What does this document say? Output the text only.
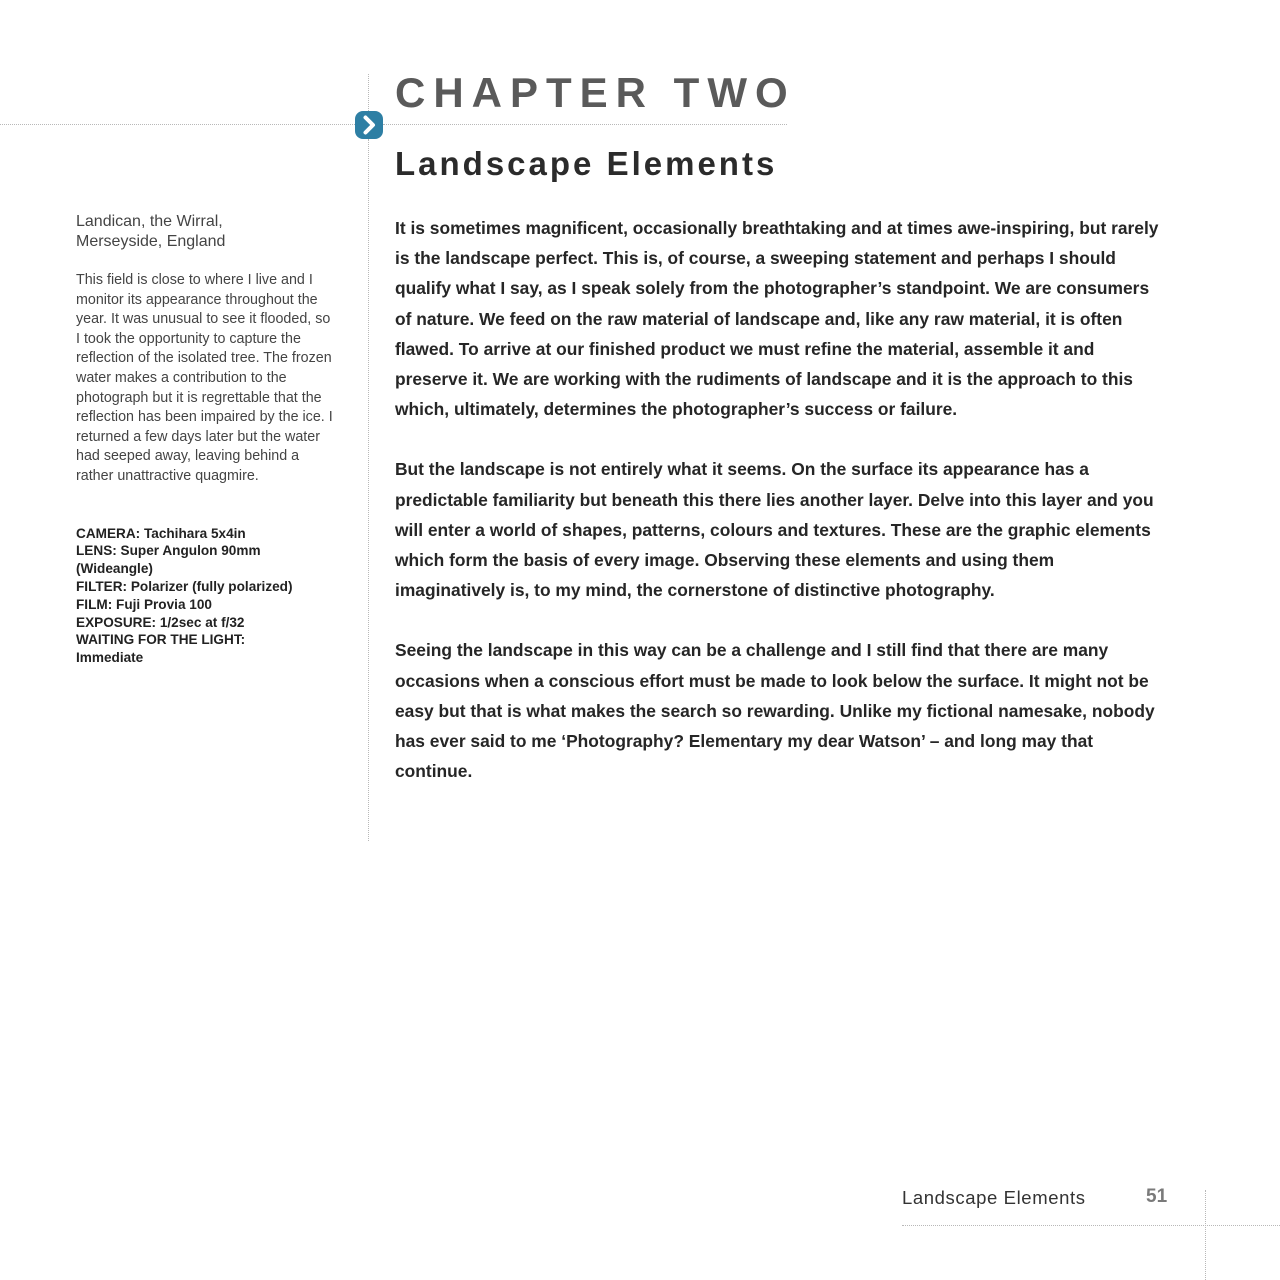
CHAPTER TWO
Landscape Elements
Landican, the Wirral,
Merseyside, England

This field is close to where I live and I monitor its appearance throughout the year. It was unusual to see it flooded, so I took the opportunity to capture the reflection of the isolated tree. The frozen water makes a contribution to the photograph but it is regrettable that the reflection has been impaired by the ice. I returned a few days later but the water had seeped away, leaving behind a rather unattractive quagmire.

CAMERA: Tachihara 5x4in
LENS: Super Angulon 90mm
(Wideangle)
FILTER: Polarizer (fully polarized)
FILM: Fuji Provia 100
EXPOSURE: 1/2sec at f/32
WAITING FOR THE LIGHT:
Immediate

It is sometimes magnificent, occasionally breathtaking and at times awe-inspiring, but rarely is the landscape perfect. This is, of course, a sweeping statement and perhaps I should qualify what I say, as I speak solely from the photographer’s standpoint. We are consumers of nature. We feed on the raw material of landscape and, like any raw material, it is often flawed. To arrive at our finished product we must refine the material, assemble it and preserve it. We are working with the rudiments of landscape and it is the approach to this which, ultimately, determines the photographer’s success or failure.

But the landscape is not entirely what it seems. On the surface its appearance has a predictable familiarity but beneath this there lies another layer. Delve into this layer and you will enter a world of shapes, patterns, colours and textures. These are the graphic elements which form the basis of every image. Observing these elements and using them imaginatively is, to my mind, the cornerstone of distinctive photography.

Seeing the landscape in this way can be a challenge and I still find that there are many occasions when a conscious effort must be made to look below the surface. It might not be easy but that is what makes the search so rewarding. Unlike my fictional namesake, nobody has ever said to me ‘Photography? Elementary my dear Watson’ – and long may that continue.

Landscape Elements	51
